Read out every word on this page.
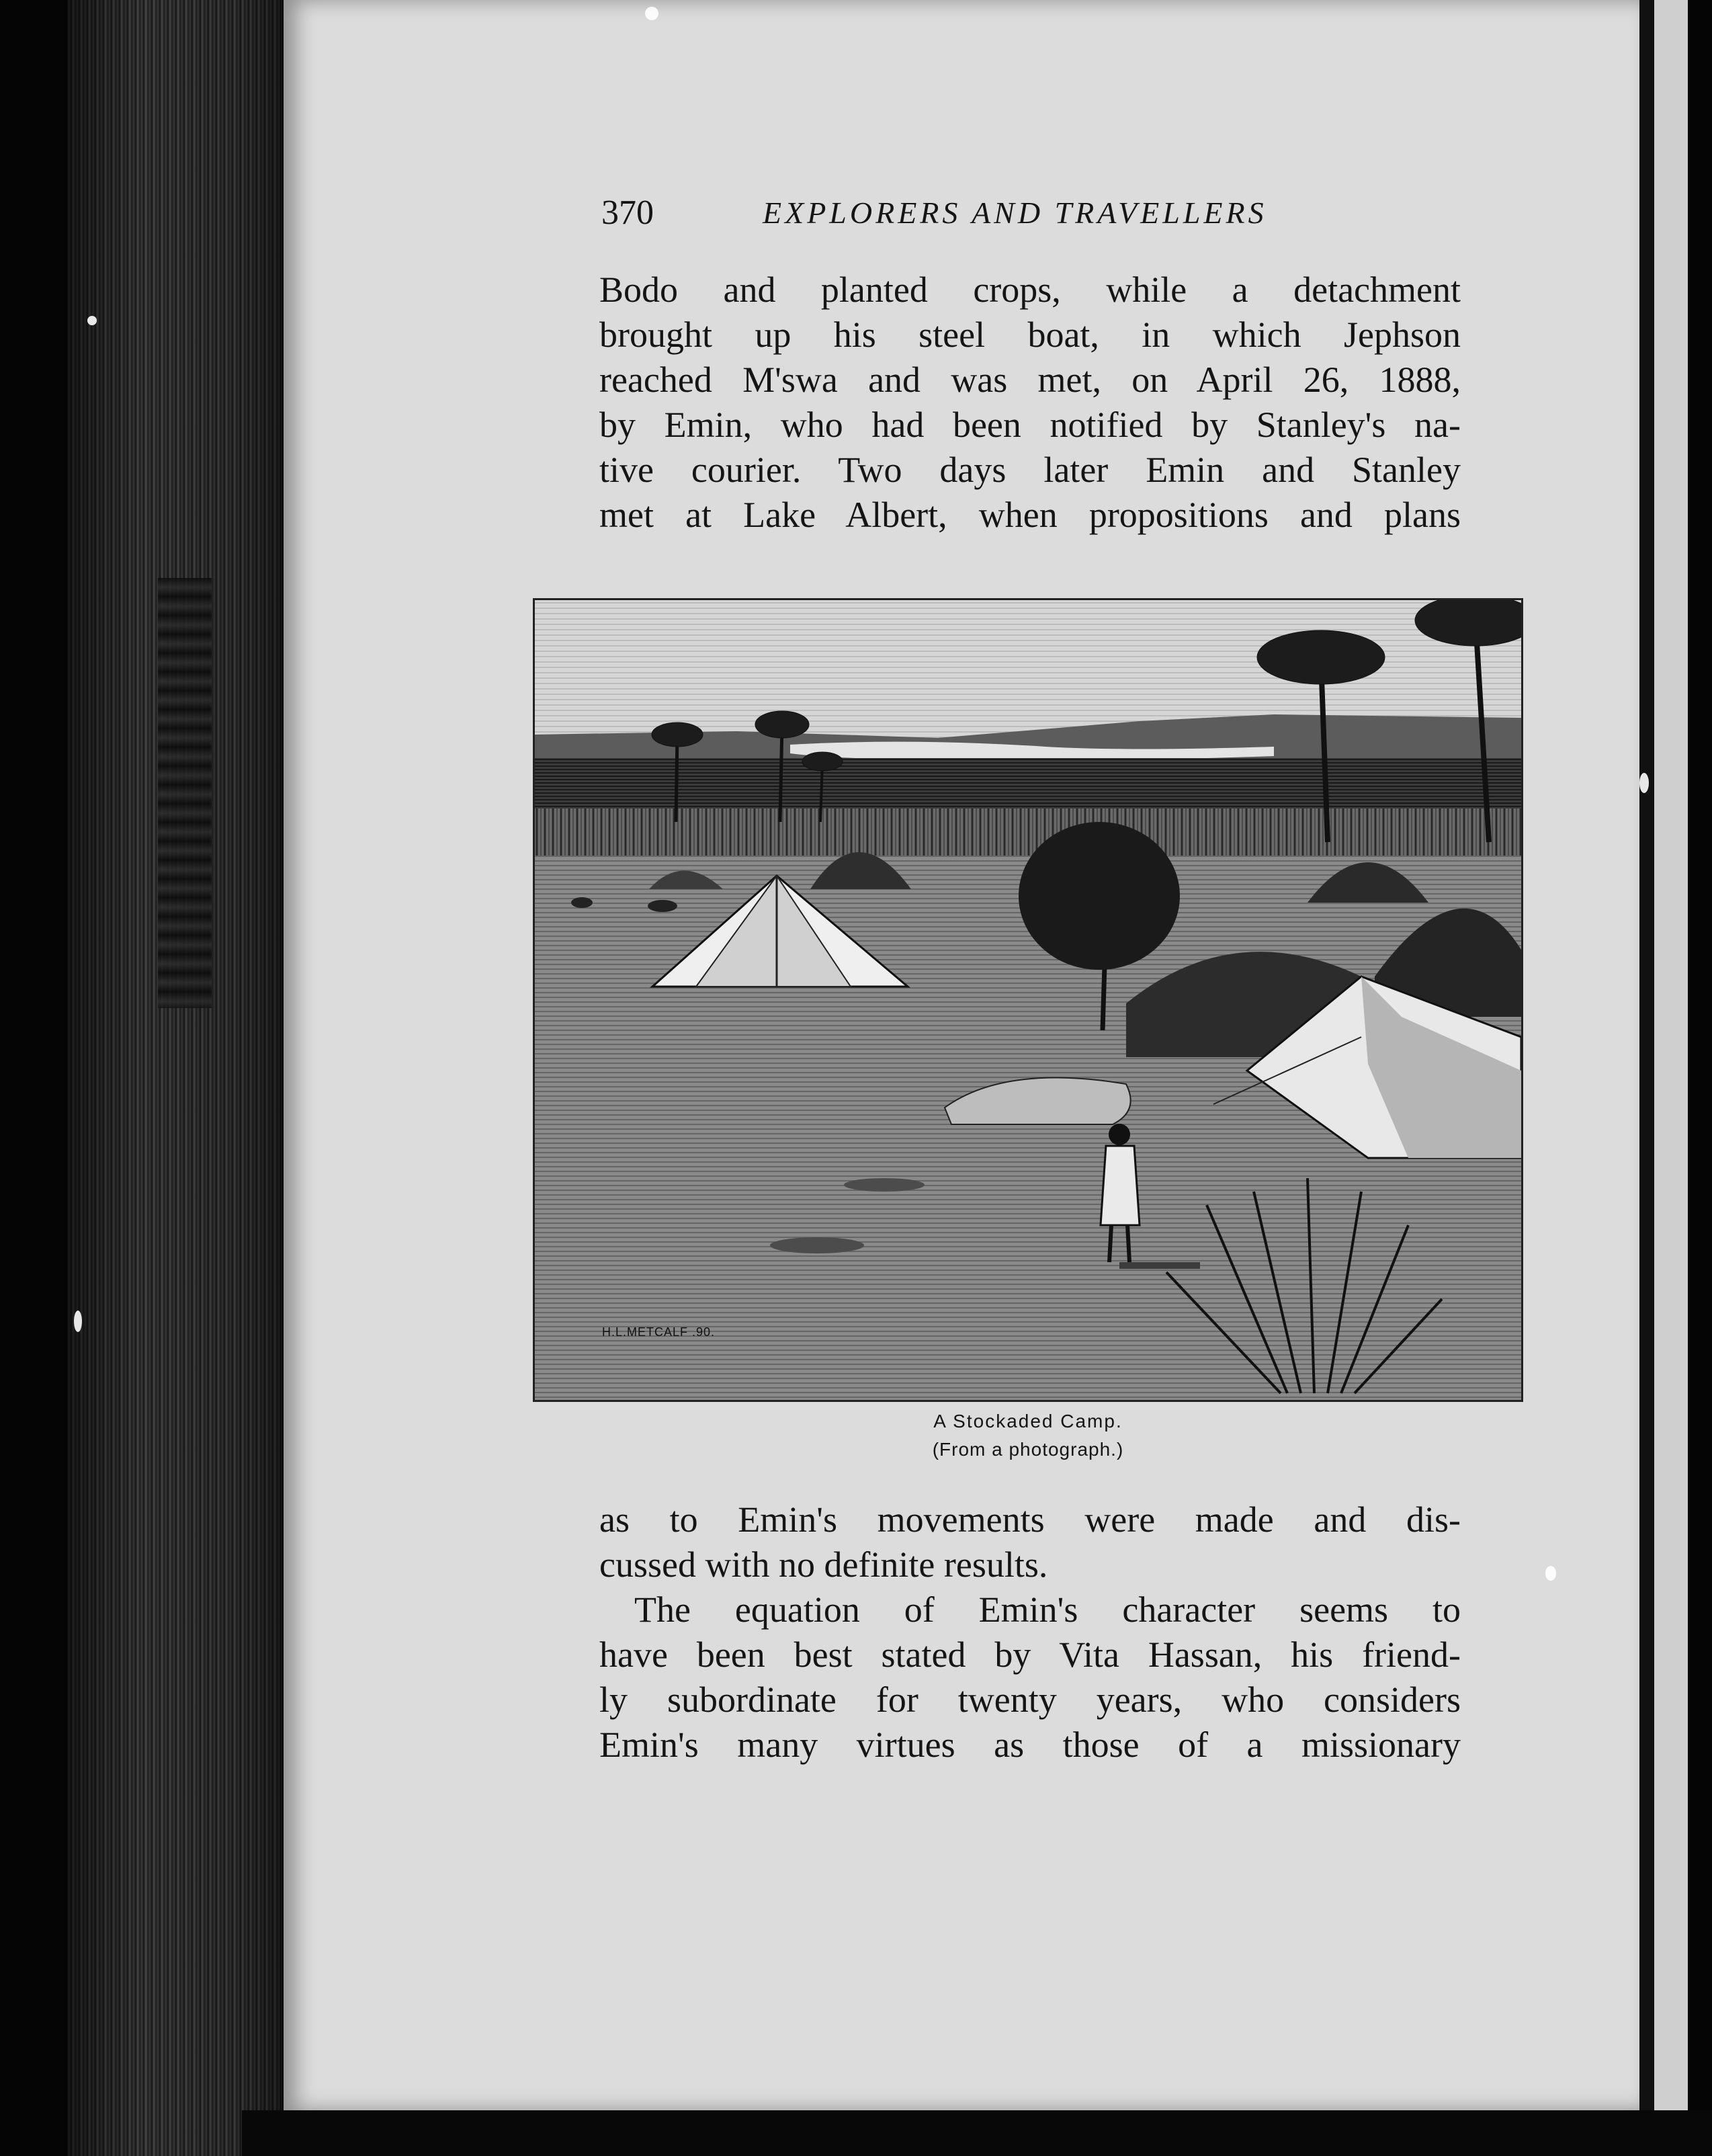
370	EXPLORERS AND TRAVELLERS
Bodo and planted crops, while a detachment
brought up his steel boat, in which Jephson
reached M'swa and was met, on April 26, 1888,
by Emin, who had been notified by Stanley's na-
tive courier. Two days later Emin and Stanley
met at Lake Albert, when propositions and plans
H.L.METCALF .90.
A Stockaded Camp.
(From a photograph.)
as to Emin's movements were made and dis-
cussed with no definite results.
The equation of Emin's character seems to
have been best stated by Vita Hassan, his friend-
ly subordinate for twenty years, who considers
Emin's many virtues as those of a missionary
